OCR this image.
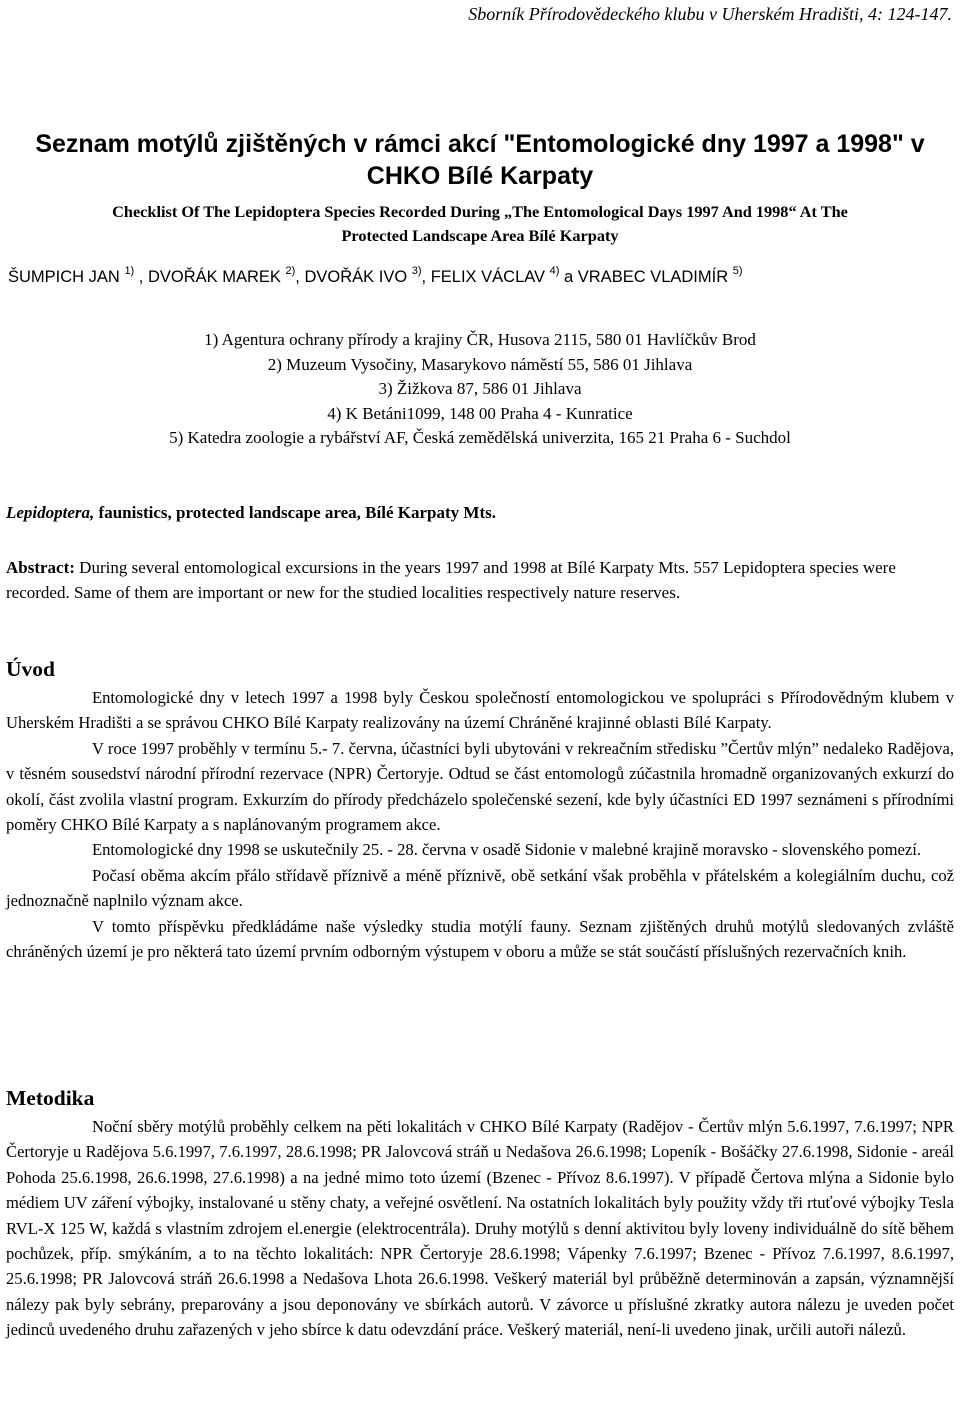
Sborník Přírodovědeckého klubu v Uherském Hradišti, 4: 124-147.
Seznam motýlů zjištěných v rámci akcí "Entomologické dny 1997 a 1998" v
CHKO Bílé Karpaty
Checklist Of The Lepidoptera Species Recorded During „The Entomological Days 1997 And 1998“ At The
Protected Landscape Area Bílé Karpaty
ŠUMPICH JAN $^{1)}$ , DVOŘÁK MAREK $^{2)}$, DVOŘÁK IVO $^{3)}$, FELIX VÁCLAV $^{4)}$ a VRABEC VLADIMÍR $^{5)}$
1) Agentura ochrany přírody a krajiny ČR, Husova 2115, 580 01 Havlíčkův Brod
2) Muzeum Vysočiny, Masarykovo náměstí 55, 586 01 Jihlava
3) Žižkova 87, 586 01 Jihlava
4) K Betáni1099, 148 00 Praha 4 - Kunratice
5) Katedra zoologie a rybářství AF, Česká zemědělská univerzita, 165 21 Praha 6 - Suchdol
Lepidoptera, faunistics, protected landscape area, Bílé Karpaty Mts.
Abstract: During several entomological excursions in the years 1997 and 1998 at Bílé Karpaty Mts. 557 Lepidoptera species were recorded. Same of them are important or new for the studied localities respectively nature reserves.
Úvod

Entomologické dny v letech 1997 a 1998 byly Českou společností entomologickou ve spolupráci s Přírodovědným klubem v Uherském Hradišti a se správou CHKO Bílé Karpaty realizovány na území Chráněné krajinné oblasti Bílé Karpaty.

V roce 1997 proběhly v termínu 5.- 7. června, účastníci byli ubytováni v rekreačním středisku ”Čertův mlýn” nedaleko Radějova, v těsném sousedství národní přírodní rezervace (NPR) Čertoryje. Odtud se část entomologů zúčastnila hromadně organizovaných exkurzí do okolí, část zvolila vlastní program. Exkurzím do přírody předcházelo společenské sezení, kde byly účastníci ED 1997 seznámeni s přírodními poměry CHKO Bílé Karpaty a s naplánovaným programem akce.

Entomologické dny 1998 se uskutečnily 25. - 28. června v osadě Sidonie v malebné krajině moravsko - slovenského pomezí.

Počasí oběma akcím přálo střídavě příznivě a méně příznivě, obě setkání však proběhla v přátelském a kolegiálním duchu, což jednoznačně naplnilo význam akce.

V tomto příspěvku předkládáme naše výsledky studia motýlí fauny. Seznam zjištěných druhů motýlů sledovaných zvláště chráněných území je pro některá tato území prvním odborným výstupem v oboru a může se stát součástí příslušných rezervačních knih.

Metodika

Noční sběry motýlů proběhly celkem na pěti lokalitách v CHKO Bílé Karpaty (Radějov - Čertův mlýn 5.6.1997, 7.6.1997; NPR Čertoryje u Radějova 5.6.1997, 7.6.1997, 28.6.1998; PR Jalovcová stráň u Nedašova 26.6.1998; Lopeník - Bošáčky 27.6.1998, Sidonie - areál Pohoda 25.6.1998, 26.6.1998, 27.6.1998) a na jedné mimo toto území (Bzenec - Přívoz 8.6.1997). V případě Čertova mlýna a Sidonie bylo médiem UV záření výbojky, instalované u stěny chaty, a veřejné osvětlení. Na ostatních lokalitách byly použity vždy tři rtuťové výbojky Tesla RVL-X 125 W, každá s vlastním zdrojem el.energie (elektrocentrála). Druhy motýlů s denní aktivitou byly loveny individuálně do sítě během pochůzek, příp. smýkáním, a to na těchto lokalitách: NPR Čertoryje 28.6.1998; Vápenky 7.6.1997; Bzenec - Přívoz 7.6.1997, 8.6.1997, 25.6.1998; PR Jalovcová stráň 26.6.1998 a Nedašova Lhota 26.6.1998. Veškerý materiál byl průběžně determinován a zapsán, významnější nálezy pak byly sebrány, preparovány a jsou deponovány ve sbírkách autorů. V závorce u příslušné zkratky autora nálezu je uveden počet jedinců uvedeného druhu zařazených v jeho sbírce k datu odevzdání práce. Veškerý materiál, není-li uvedeno jinak, určili autoři nálezů.
